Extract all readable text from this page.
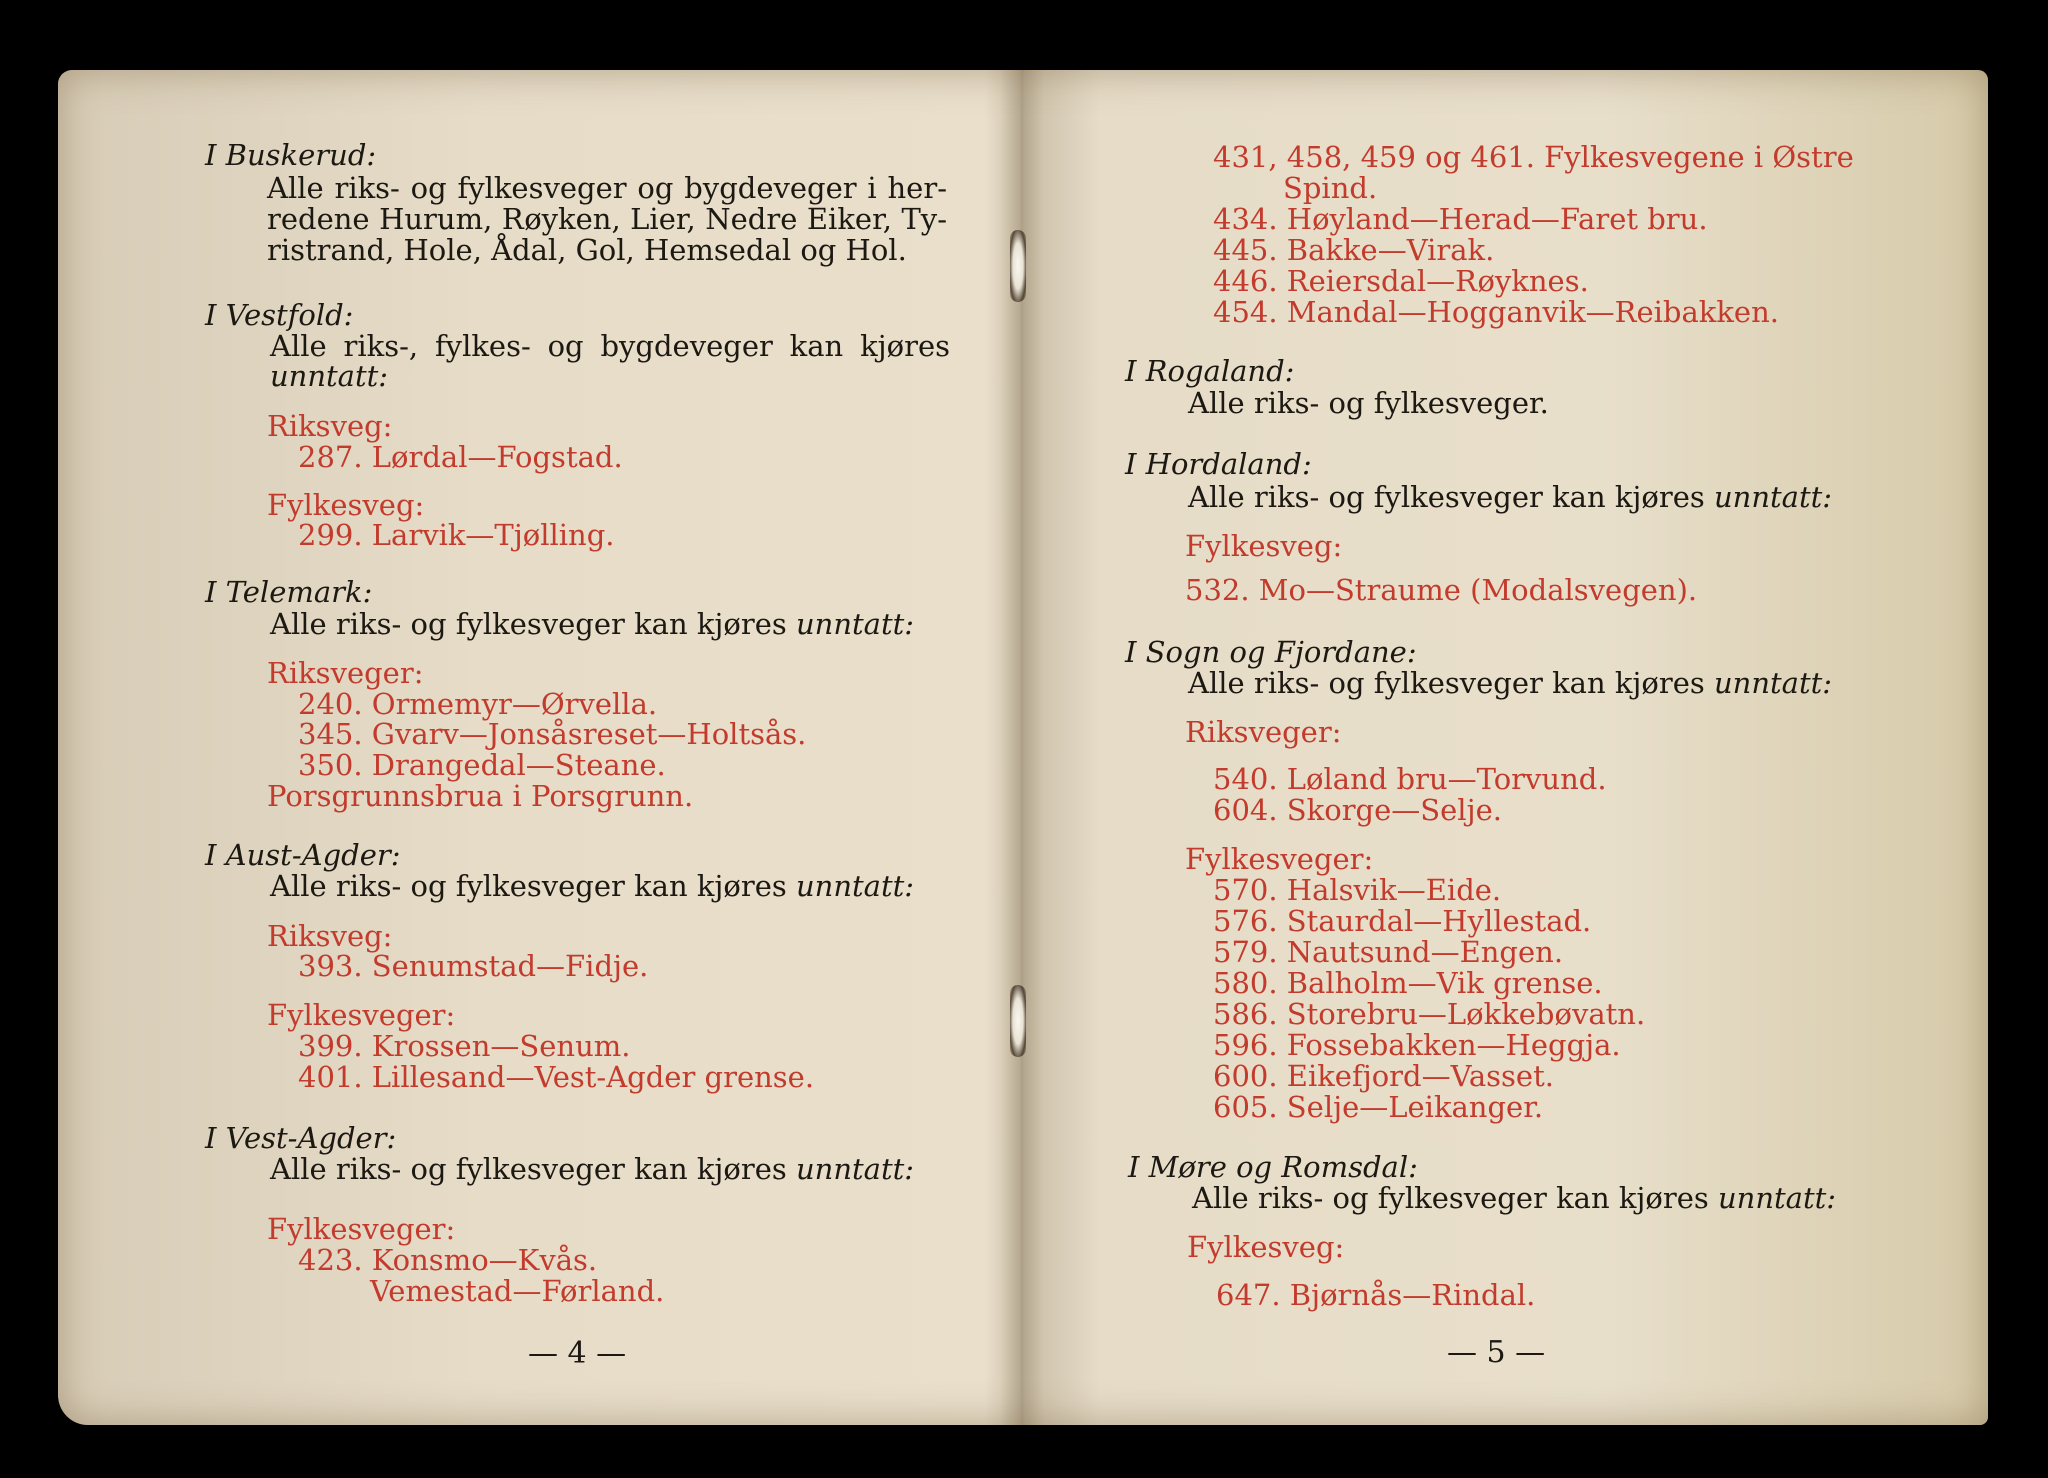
I Buskerud:
Alle riks- og fylkesveger og bygdeveger i her-
redene Hurum, Røyken, Lier, Nedre Eiker, Ty-
ristrand, Hole, Ådal, Gol, Hemsedal og Hol.
I Vestfold:
Alle riks-, fylkes- og bygdeveger kan kjøres
unntatt:
Riksveg:
287. Lørdal—Fogstad.
Fylkesveg:
299. Larvik—Tjølling.
I Telemark:
Alle riks- og fylkesveger kan kjøres unntatt:
Riksveger:
240. Ormemyr—Ørvella.
345. Gvarv—Jonsåsreset—Holtsås.
350. Drangedal—Steane.
Porsgrunnsbrua i Porsgrunn.
I Aust-Agder:
Alle riks- og fylkesveger kan kjøres unntatt:
Riksveg:
393. Senumstad—Fidje.
Fylkesveger:
399. Krossen—Senum.
401. Lillesand—Vest-Agder grense.
I Vest-Agder:
Alle riks- og fylkesveger kan kjøres unntatt:
Fylkesveger:
423. Konsmo—Kvås.
Vemestad—Førland.
— 4 —
431, 458, 459 og 461. Fylkesvegene i Østre
Spind.
434. Høyland—Herad—Faret bru.
445. Bakke—Virak.
446. Reiersdal—Røyknes.
454. Mandal—Hogganvik—Reibakken.
I Rogaland:
Alle riks- og fylkesveger.
I Hordaland:
Alle riks- og fylkesveger kan kjøres unntatt:
Fylkesveg:
532. Mo—Straume (Modalsvegen).
I Sogn og Fjordane:
Alle riks- og fylkesveger kan kjøres unntatt:
Riksveger:
540. Løland bru—Torvund.
604. Skorge—Selje.
Fylkesveger:
570. Halsvik—Eide.
576. Staurdal—Hyllestad.
579. Nautsund—Engen.
580. Balholm—Vik grense.
586. Storebru—Løkkebøvatn.
596. Fossebakken—Heggja.
600. Eikefjord—Vasset.
605. Selje—Leikanger.
I Møre og Romsdal:
Alle riks- og fylkesveger kan kjøres unntatt:
Fylkesveg:
647. Bjørnås—Rindal.
— 5 —
